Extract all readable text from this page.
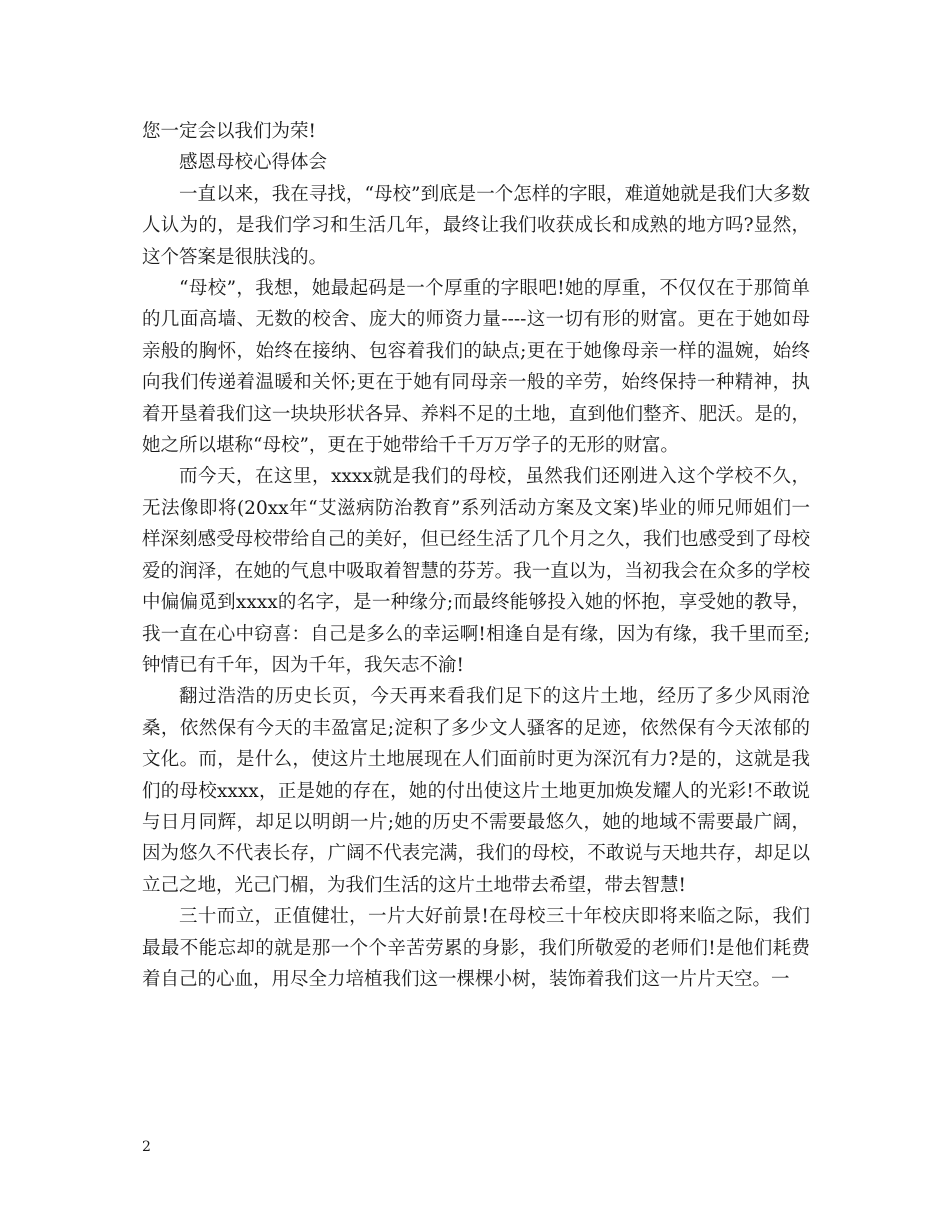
您一定会以我们为荣!

感恩母校心得体会

一直以来，我在寻找，“母校”到底是一个怎样的字眼，难道她就是我们大多数人认为的，是我们学习和生活几年，最终让我们收获成长和成熟的地方吗?显然，这个答案是很肤浅的。

“母校”，我想，她最起码是一个厚重的字眼吧!她的厚重，不仅仅在于那简单的几面高墙、无数的校舍、庞大的师资力量----这一切有形的财富。更在于她如母亲般的胸怀，始终在接纳、包容着我们的缺点;更在于她像母亲一样的温婉，始终向我们传递着温暖和关怀;更在于她有同母亲一般的辛劳，始终保持一种精神，执着开垦着我们这一块块形状各异、养料不足的土地，直到他们整齐、肥沃。是的，她之所以堪称“母校”，更在于她带给千千万万学子的无形的财富。

而今天，在这里，xxxx就是我们的母校，虽然我们还刚进入这个学校不久，无法像即将(20xx年“艾滋病防治教育”系列活动方案及文案)毕业的师兄师姐们一样深刻感受母校带给自己的美好，但已经生活了几个月之久，我们也感受到了母校爱的润泽，在她的气息中吸取着智慧的芬芳。我一直以为，当初我会在众多的学校中偏偏觅到xxxx的名字，是一种缘分;而最终能够投入她的怀抱，享受她的教导，我一直在心中窃喜：自己是多么的幸运啊!相逢自是有缘，因为有缘，我千里而至;钟情已有千年，因为千年，我矢志不渝!

翻过浩浩的历史长页，今天再来看我们足下的这片土地，经历了多少风雨沧桑，依然保有今天的丰盈富足;淀积了多少文人骚客的足迹，依然保有今天浓郁的文化。而，是什么，使这片土地展现在人们面前时更为深沉有力?是的，这就是我们的母校xxxx，正是她的存在，她的付出使这片土地更加焕发耀人的光彩!不敢说与日月同辉，却足以明朗一片;她的历史不需要最悠久，她的地域不需要最广阔，因为悠久不代表长存，广阔不代表完满，我们的母校，不敢说与天地共存，却足以立己之地，光己门楣，为我们生活的这片土地带去希望，带去智慧!

三十而立，正值健壮，一片大好前景!在母校三十年校庆即将来临之际，我们最最不能忘却的就是那一个个辛苦劳累的身影，我们所敬爱的老师们!是他们耗费着自己的心血，用尽全力培植我们这一棵棵小树，装饰着我们这一片片天空。一

2
